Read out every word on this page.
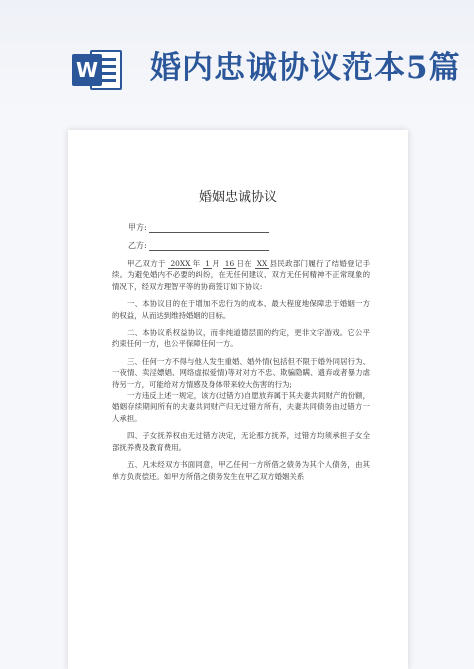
W 婚内忠诚协议范本5篇
婚姻忠诚协议
甲方:
乙方:

甲乙双方于 20XX 年 1 月 16 日在 XX 县民政部门履行了结婚登记手续。为避免婚内不必要的纠纷，在无任何建议、双方无任何精神不正常现象的情况下，经双方理智平等的协商签订如下协议:

一、本协议目的在于增加不忠行为的成本、最大程度地保障忠于婚姻一方的权益，从而达到维持婚姻的目标。

二、本协议系权益协议，而非纯道德层面的约定，更非文字游戏。它公平约束任何一方，也公平保障任何一方。

三、任何一方不得与他人发生重婚、婚外情(包括但不限于婚外同居行为、一夜情、卖淫嫖娼、网络虚拟爱情)等对对方不忠、欺骗隐瞒、遗弃或者暴力虐待另一方，可能给对方情感及身体带来较大伤害的行为;

一方违反上述一规定，该方(过错方)自愿放弃属于其夫妻共同财产的份额，婚姻存续期间所有的夫妻共同财产归无过错方所有，夫妻共同债务由过错方一人承担。

四、子女抚养权由无过错方决定，无论那方抚养，过错方均须承担子女全部抚养费及教育费用。

五、凡未经双方书面同意，甲乙任何一方所借之债务为其个人债务，由其单方负责偿还。如甲方所借之债务发生在甲乙双方婚姻关系
